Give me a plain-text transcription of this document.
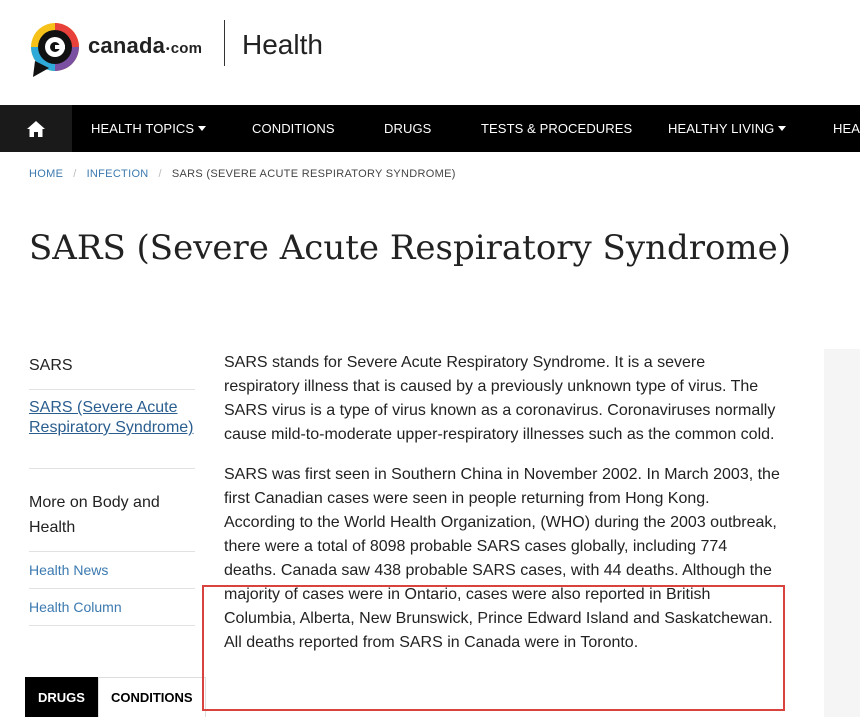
canada•com Health
HEALTH TOPICS	CONDITIONS	DRUGS	TESTS & PROCEDURES	HEALTHY LIVING	HEAL
HOME / INFECTION / SARS (SEVERE ACUTE RESPIRATORY SYNDROME)
SARS (Severe Acute Respiratory Syndrome)
SARS
SARS (Severe Acute Respiratory Syndrome)
More on Body and Health
Health News
Health Column
DRUGS	CONDITIONS

SARS stands for Severe Acute Respiratory Syndrome. It is a severe respiratory illness that is caused by a previously unknown type of virus. The SARS virus is a type of virus known as a coronavirus. Coronaviruses normally cause mild-to-moderate upper-respiratory illnesses such as the common cold.

SARS was first seen in Southern China in November 2002. In March 2003, the first Canadian cases were seen in people returning from Hong Kong. According to the World Health Organization, (WHO) during the 2003 outbreak, there were a total of 8098 probable SARS cases globally, including 774 deaths. Canada saw 438 probable SARS cases, with 44 deaths. Although the majority of cases were in Ontario, cases were also reported in British Columbia, Alberta, New Brunswick, Prince Edward Island and Saskatchewan. All deaths reported from SARS in Canada were in Toronto.
